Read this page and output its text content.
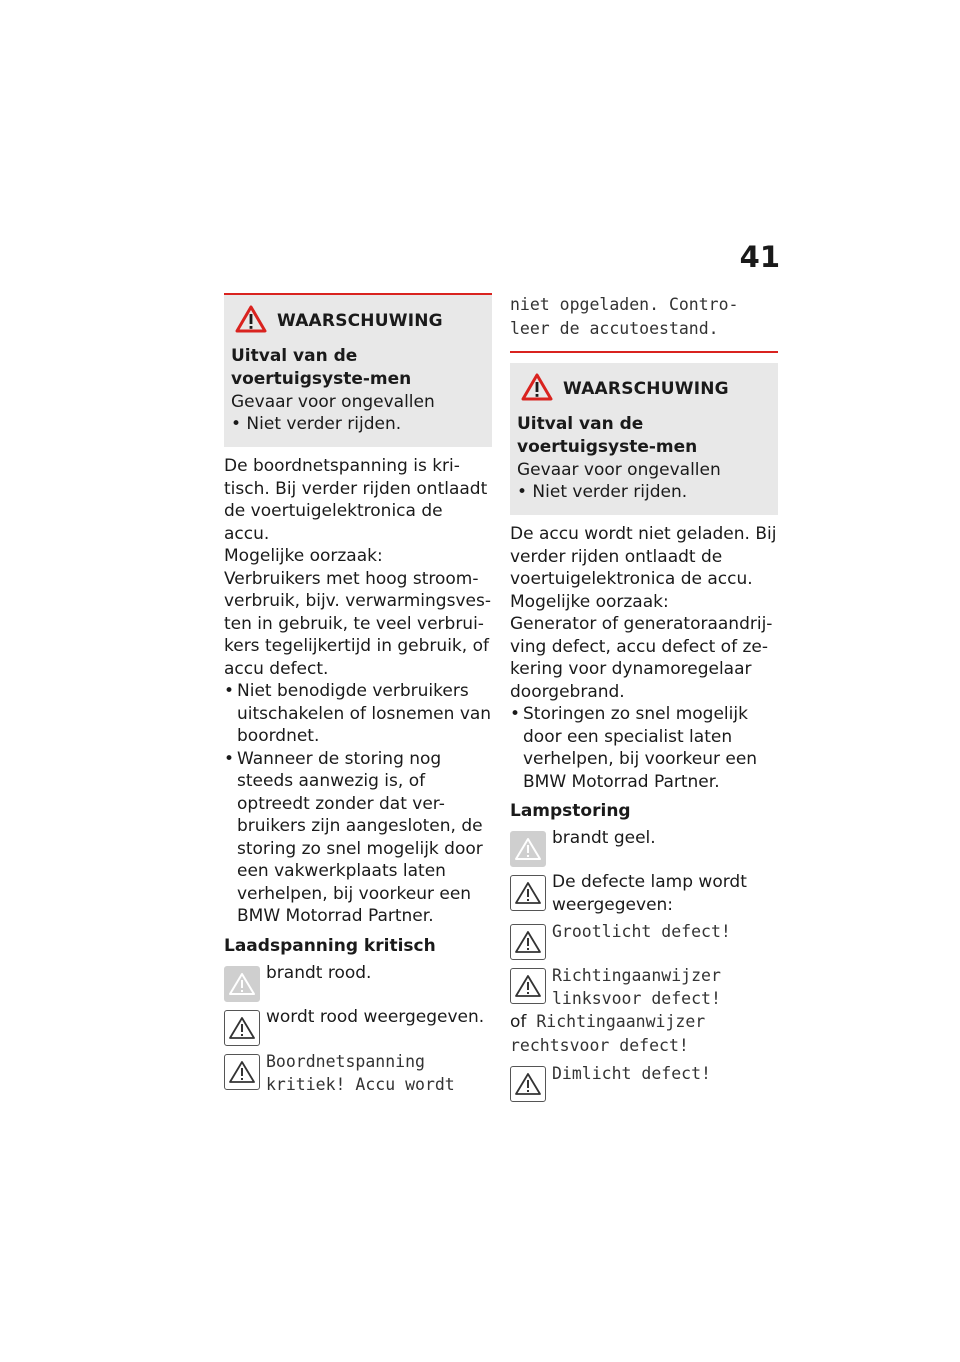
41
WAARSCHUWING
Uitval van de voertuigsyste-men
Gevaar voor ongevallen
• Niet verder rijden.

De boordnetspanning is kri-tisch. Bij verder rijden ontlaadt de voertuigelektronica de accu.

Mogelijke oorzaak:

Verbruikers met hoog stroom-verbruik, bijv. verwarmingsves-ten in gebruik, te veel verbrui-kers tegelijkertijd in gebruik, of accu defect.

• Niet benodigde verbruikers uitschakelen of losnemen van boordnet.
• Wanneer de storing nog steeds aanwezig is, of optreedt zonder dat ver-bruikers zijn aangesloten, de storing zo snel mogelijk door een vakwerkplaats laten verhelpen, bij voorkeur een BMW Motorrad Partner.
Laadspanning kritisch
brandt rood.
wordt rood weergegeven.
Boordnetspanning kritiek! Accu wordt
niet opgeladen. Contro-leer de accutoestand.
WAARSCHUWING
Uitval van de voertuigsyste-men
Gevaar voor ongevallen
• Niet verder rijden.

De accu wordt niet geladen. Bij verder rijden ontlaadt de voertuigelektronica de accu.

Mogelijke oorzaak:

Generator of generatoraandrij-ving defect, accu defect of ze-kering voor dynamoregelaar doorgebrand.

• Storingen zo snel mogelijk door een specialist laten verhelpen, bij voorkeur een BMW Motorrad Partner.
Lampstoring
brandt geel.
De defecte lamp wordt weergegeven:
Grootlicht defect!
Richtingaanwijzer linksvoor defect!
of Richtingaanwijzer
rechtsvoor defect!
Dimlicht defect!
